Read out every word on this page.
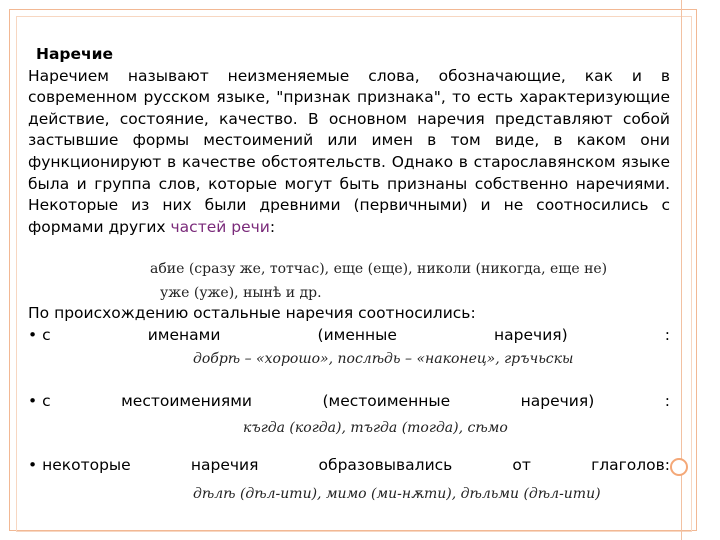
Наречие
Наречием называют неизменяемые слова, обозначающие, как и в современном русском языке, "признак признака", то есть характеризующие действие, состояние, качество. В основном наречия представляют собой застывшие формы местоимений или имен в том виде, в каком они функционируют в качестве обстоятельств. Однако в старославянском языке была и группа слов, которые могут быть признаны собственно наречиями. Некоторые из них были древними (первичными) и не соотносились с формами других частей речи:
абие (сразу же, тотчас), еще (еще), николи (никогда, еще не)
уже (уже), нынѣ и др.
По происхождению остальные наречия соотносились:
• с	именами	(именные	наречия)	:
добрѣ – «хорошо», послѣдь – «наконец», гръчьскы
• с	местоимениями	(местоименные	наречия)	:
къгда (когда), тъгда (тогда), сѣмо
• некоторые	наречия	образовывались	от	глаголов:
дѣлѣ (дѣл-ити), мимо (ми-нѫти), дѣльми (дѣл-ити)
